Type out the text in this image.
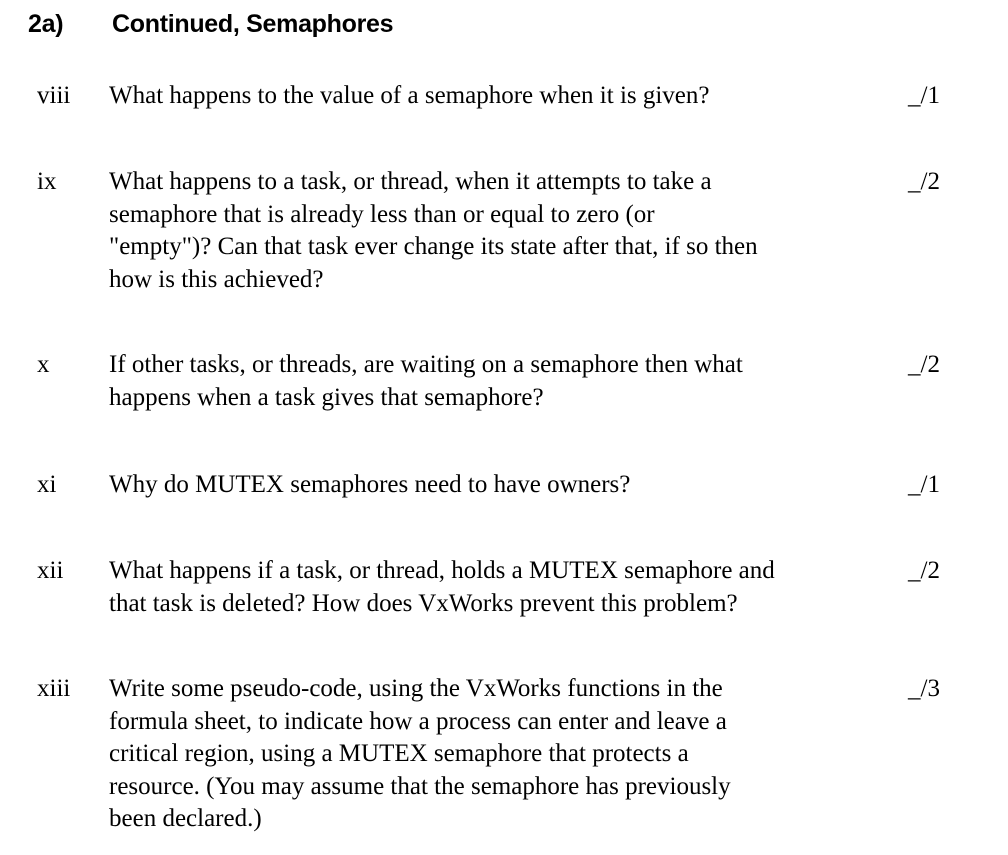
2a) Continued, Semaphores
viii What happens to the value of a semaphore when it is given?	_/1
ix What happens to a task, or thread, when it attempts to take a
semaphore that is already less than or equal to zero (or
"empty")? Can that task ever change its state after that, if so then
how is this achieved?
_/2
x If other tasks, or threads, are waiting on a semaphore then what
happens when a task gives that semaphore?
_/2
xi Why do MUTEX semaphores need to have owners?	_/1
xii What happens if a task, or thread, holds a MUTEX semaphore and
that task is deleted? How does VxWorks prevent this problem?
_/2
xiii Write some pseudo-code, using the VxWorks functions in the
formula sheet, to indicate how a process can enter and leave a
critical region, using a MUTEX semaphore that protects a
resource. (You may assume that the semaphore has previously
been declared.)
_/3
